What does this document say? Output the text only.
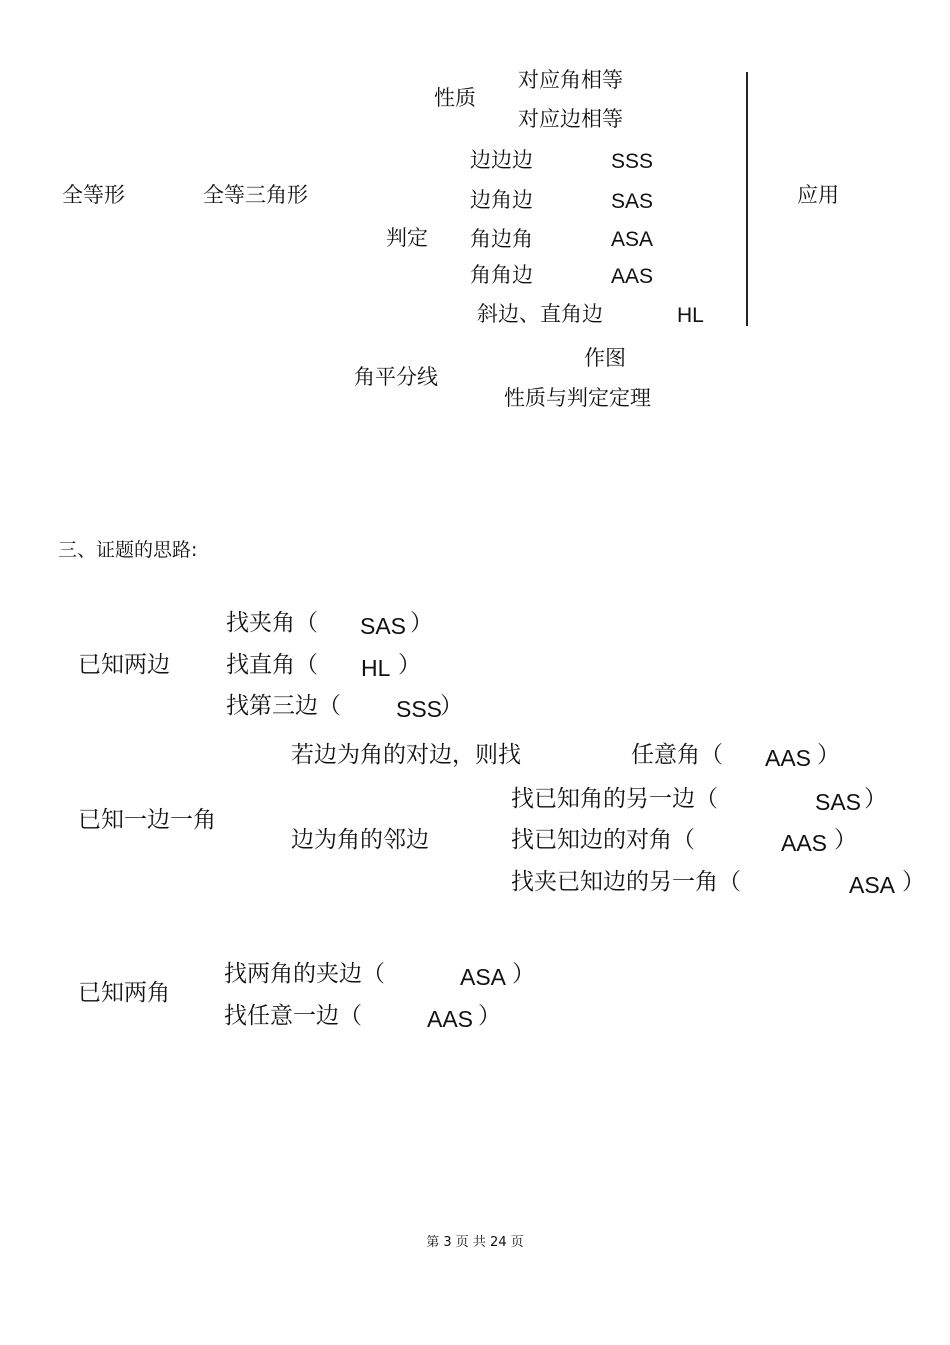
全等形	全等三角形
性质
对应角相等
对应边相等
判定
边边边	SSS
边角边	SAS
角边角	ASA
角角边	AAS
斜边、直角边	HL
应用
角平分线
作图
性质与判定定理
三、证题的思路:
已知两边
找夹角（ SAS ）
找直角（ HL ）
找第三边（ SSS
）
已知一边一角
若边为角的对边，则找	任意角（ AAS ）
边为角的邻边
找已知角的另一边（	SAS ）
找已知边的对角（	AAS ）
找夹已知边的另一角（	ASA ）
已知两角
找两角的夹边（	ASA ）
找任意一边（	AAS ）
第 3 页 共 24 页
